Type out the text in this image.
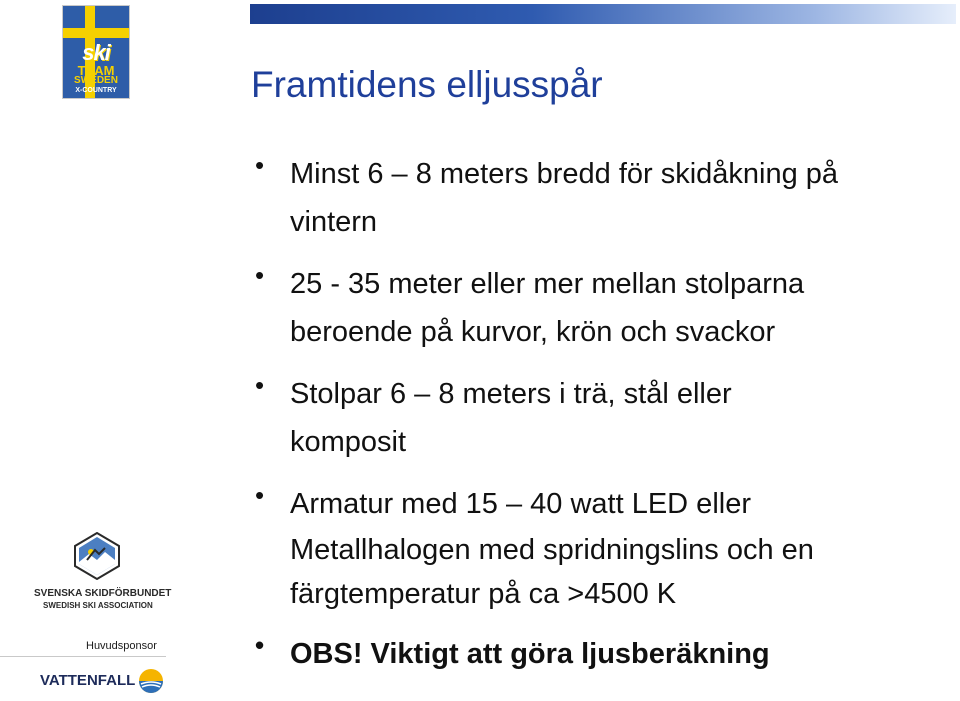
ski
TEAM
SWEDEN
X-COUNTRY	Framtidens elljusspår
• Minst 6 – 8 meters bredd för skidåkning på
vintern
• 25 - 35 meter eller mer mellan stolparna
beroende på kurvor, krön och svackor
• Stolpar 6 – 8 meters i trä, stål eller
komposit
• Armatur med 15 – 40 watt LED eller
Metallhalogen med spridningslins och en
färgtemperatur på ca >4500 K
• OBS! Viktigt att göra ljusberäkning
SVENSKA SKIDFÖRBUNDET
SWEDISH SKI ASSOCIATION
Huvudsponsor
VATTENFALL
